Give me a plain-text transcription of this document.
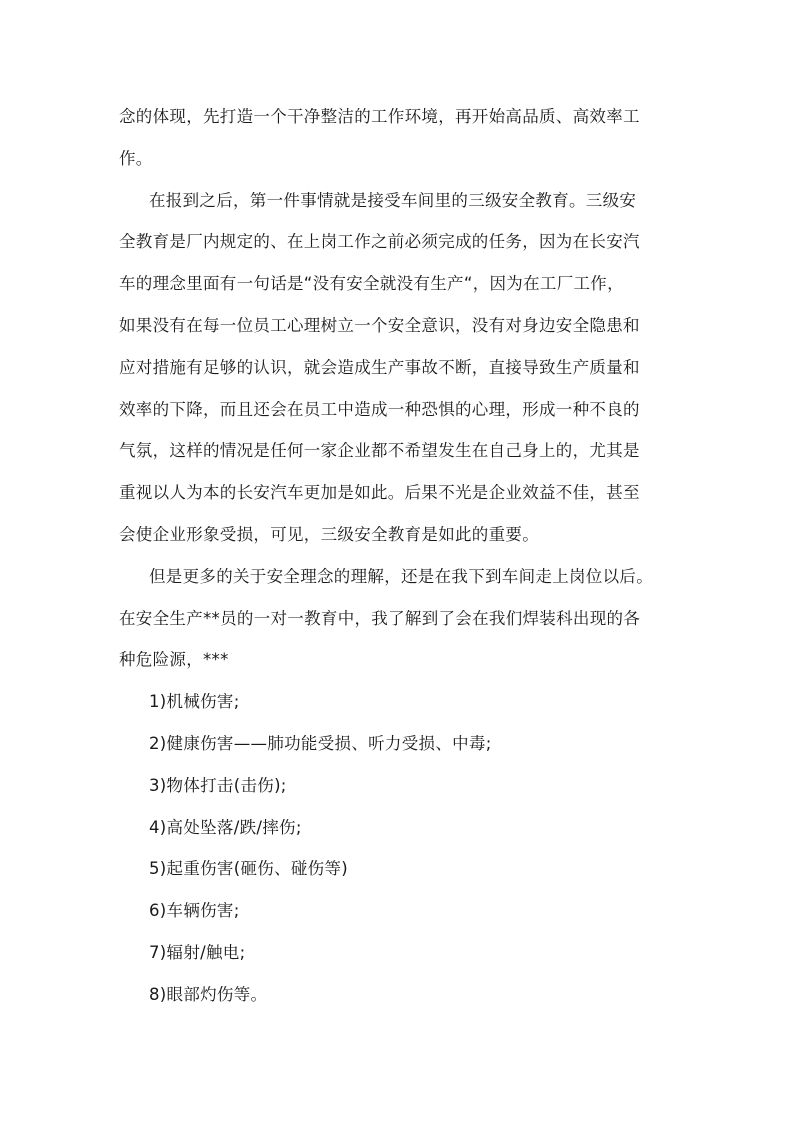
念的体现，先打造一个干净整洁的工作环境，再开始高品质、高效率工
作。

在报到之后，第一件事情就是接受车间里的三级安全教育。三级安
全教育是厂内规定的、在上岗工作之前必须完成的任务，因为在长安汽
车的理念里面有一句话是“没有安全就没有生产“，因为在工厂工作，
如果没有在每一位员工心理树立一个安全意识，没有对身边安全隐患和
应对措施有足够的认识，就会造成生产事故不断，直接导致生产质量和
效率的下降，而且还会在员工中造成一种恐惧的心理，形成一种不良的
气氛，这样的情况是任何一家企业都不希望发生在自己身上的，尤其是
重视以人为本的长安汽车更加是如此。后果不光是企业效益不佳，甚至
会使企业形象受损，可见，三级安全教育是如此的重要。

但是更多的关于安全理念的理解，还是在我下到车间走上岗位以后。
在安全生产**员的一对一教育中，我了解到了会在我们焊装科出现的各
种危险源，***

1)机械伤害;

2)健康伤害——肺功能受损、听力受损、中毒;

3)物体打击(击伤);

4)高处坠落/跌/摔伤;

5)起重伤害(砸伤、碰伤等)

6)车辆伤害;

7)辐射/触电;

8)眼部灼伤等。
